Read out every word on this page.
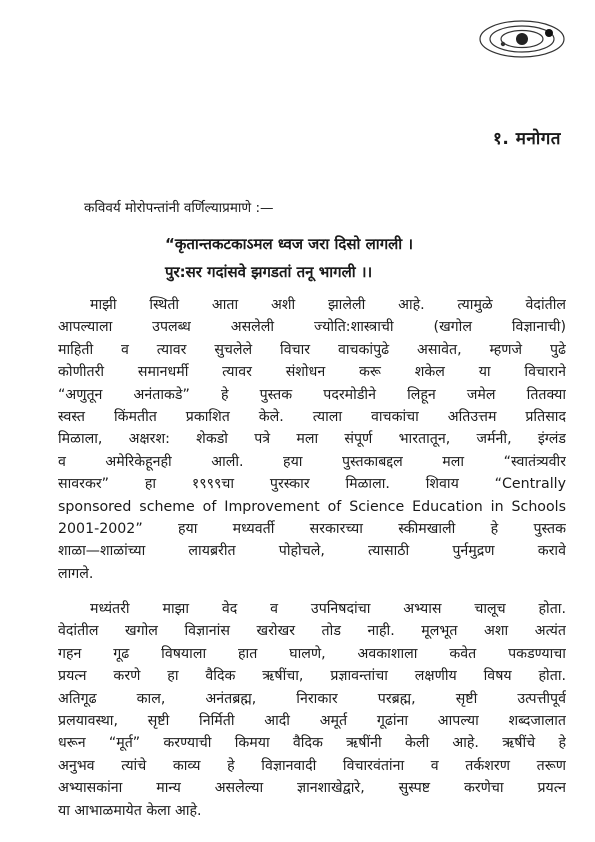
१. मनोगत
कविवर्य मोरोपन्तांनी वर्णिल्याप्रमाणे :—
“कृतान्तकटकाऽमल ध्वज जरा दिसो लागली ।
पुर:सर गदांसवे झगडतां तनू भागली ।।
माझी स्थिती आता अशी झालेली आहे. त्यामुळे वेदांतील
आपल्याला उपलब्ध असलेली ज्योति:शास्त्राची (खगोल विज्ञानाची)
माहिती व त्यावर सुचलेले विचार वाचकांपुढे असावेत, म्हणजे पुढे
कोणीतरी समानधर्मी त्यावर संशोधन करू शकेल या विचाराने
“अणुतून अनंताकडे” हे पुस्तक पदरमोडीने लिहून जमेल तितक्या
स्वस्त किंमतीत प्रकाशित केले. त्याला वाचकांचा अतिउत्तम प्रतिसाद
मिळाला, अक्षरश: शेकडो पत्रे मला संपूर्ण भारतातून, जर्मनी, इंग्लंड
व अमेरिकेहूनही आली. हया पुस्तकाबद्दल मला “स्वातंत्र्यवीर
सावरकर” हा १९९९चा पुरस्कार मिळाला. शिवाय “Centrally
sponsored scheme of Improvement of Science Education in Schools
2001-2002” हया मध्यवर्ती सरकारच्या स्कीमखाली हे पुस्तक
शाळा—शाळांच्या लायब्ररीत पोहोचले, त्यासाठी पुर्नमुद्रण करावे
लागले.
मध्यंतरी माझा वेद व उपनिषदांचा अभ्यास चालूच होता.
वेदांतील खगोल विज्ञानांस खरोखर तोड नाही. मूलभूत अशा अत्यंत
गहन गूढ विषयाला हात घालणे, अवकाशाला कवेत पकडण्याचा
प्रयत्न करणे हा वैदिक ऋषींचा, प्रज्ञावन्तांचा लक्षणीय विषय होता.
अतिगूढ काल, अनंतब्रह्म, निराकार परब्रह्म, सृष्टी उत्पत्तीपूर्व
प्रलयावस्था, सृष्टी निर्मिती आदी अमूर्त गूढांना आपल्या शब्दजालात
धरून “मूर्त” करण्याची किमया वैदिक ऋषींनी केली आहे. ऋषींचे हे
अनुभव त्यांचे काव्य हे विज्ञानवादी विचारवंतांना व तर्कशरण तरूण
अभ्यासकांना मान्य असलेल्या ज्ञानशाखेद्वारे, सुस्पष्ट करणेचा प्रयत्न
या आभाळमायेत केला आहे.
